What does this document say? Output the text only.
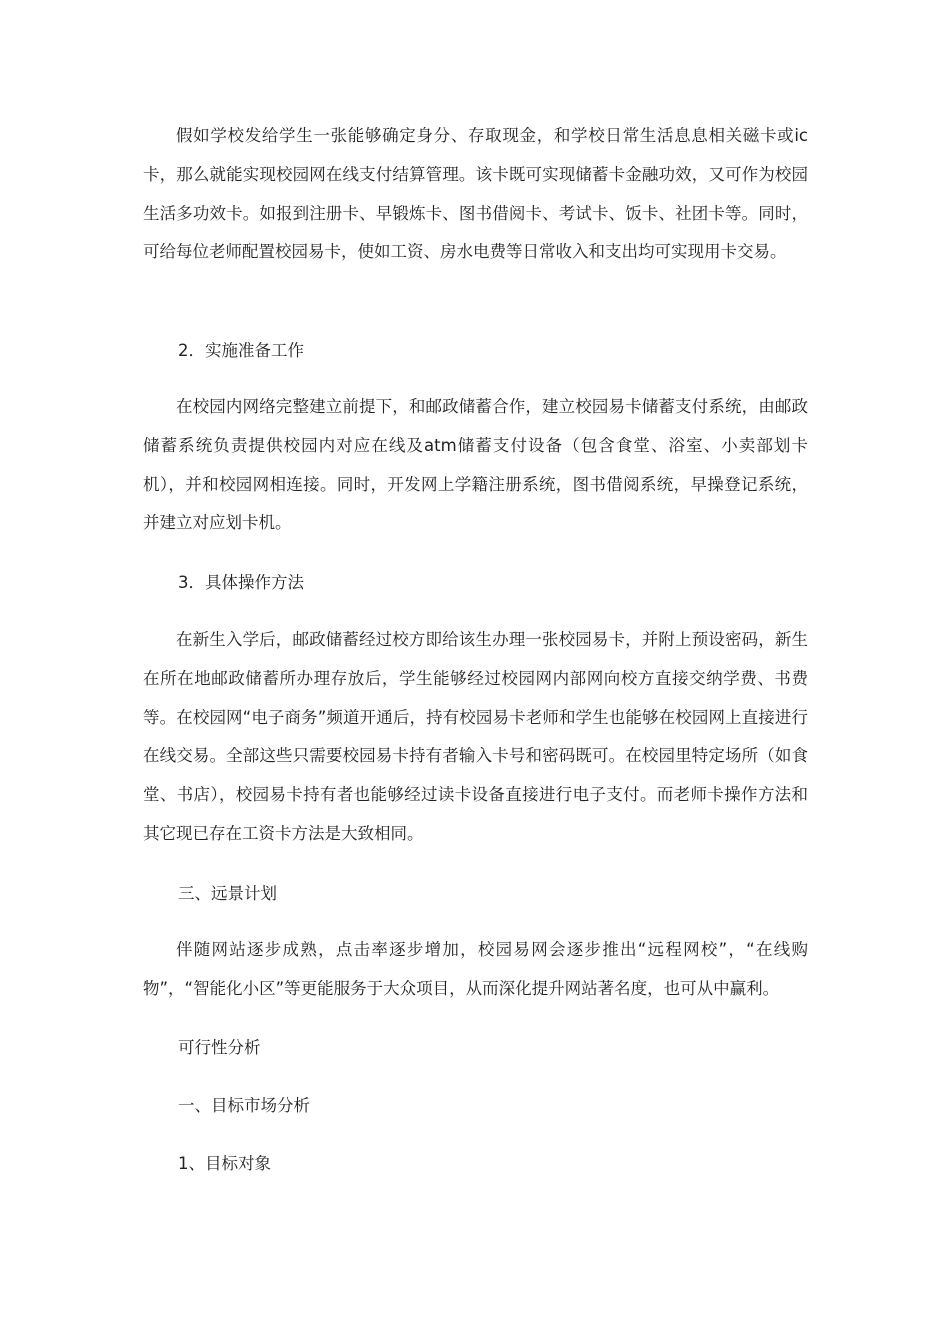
假如学校发给学生一张能够确定身分、存取现金，和学校日常生活息息相关磁卡或ic卡，那么就能实现校园网在线支付结算管理。该卡既可实现储蓄卡金融功效，又可作为校园生活多功效卡。如报到注册卡、早锻炼卡、图书借阅卡、考试卡、饭卡、社团卡等。同时，可给每位老师配置校园易卡，使如工资、房水电费等日常收入和支出均可实现用卡交易。

2．实施准备工作

在校园内网络完整建立前提下，和邮政储蓄合作，建立校园易卡储蓄支付系统，由邮政储蓄系统负责提供校园内对应在线及atm储蓄支付设备（包含食堂、浴室、小卖部划卡机），并和校园网相连接。同时，开发网上学籍注册系统，图书借阅系统，早操登记系统，并建立对应划卡机。

3．具体操作方法

在新生入学后，邮政储蓄经过校方即给该生办理一张校园易卡，并附上预设密码，新生在所在地邮政储蓄所办理存放后，学生能够经过校园网内部网向校方直接交纳学费、书费等。在校园网“电子商务”频道开通后，持有校园易卡老师和学生也能够在校园网上直接进行在线交易。全部这些只需要校园易卡持有者输入卡号和密码既可。在校园里特定场所（如食堂、书店），校园易卡持有者也能够经过读卡设备直接进行电子支付。而老师卡操作方法和其它现已存在工资卡方法是大致相同。

三、远景计划

伴随网站逐步成熟，点击率逐步增加，校园易网会逐步推出“远程网校”，“在线购物”，“智能化小区”等更能服务于大众项目，从而深化提升网站著名度，也可从中赢利。

可行性分析
一、目标市场分析
1、目标对象
